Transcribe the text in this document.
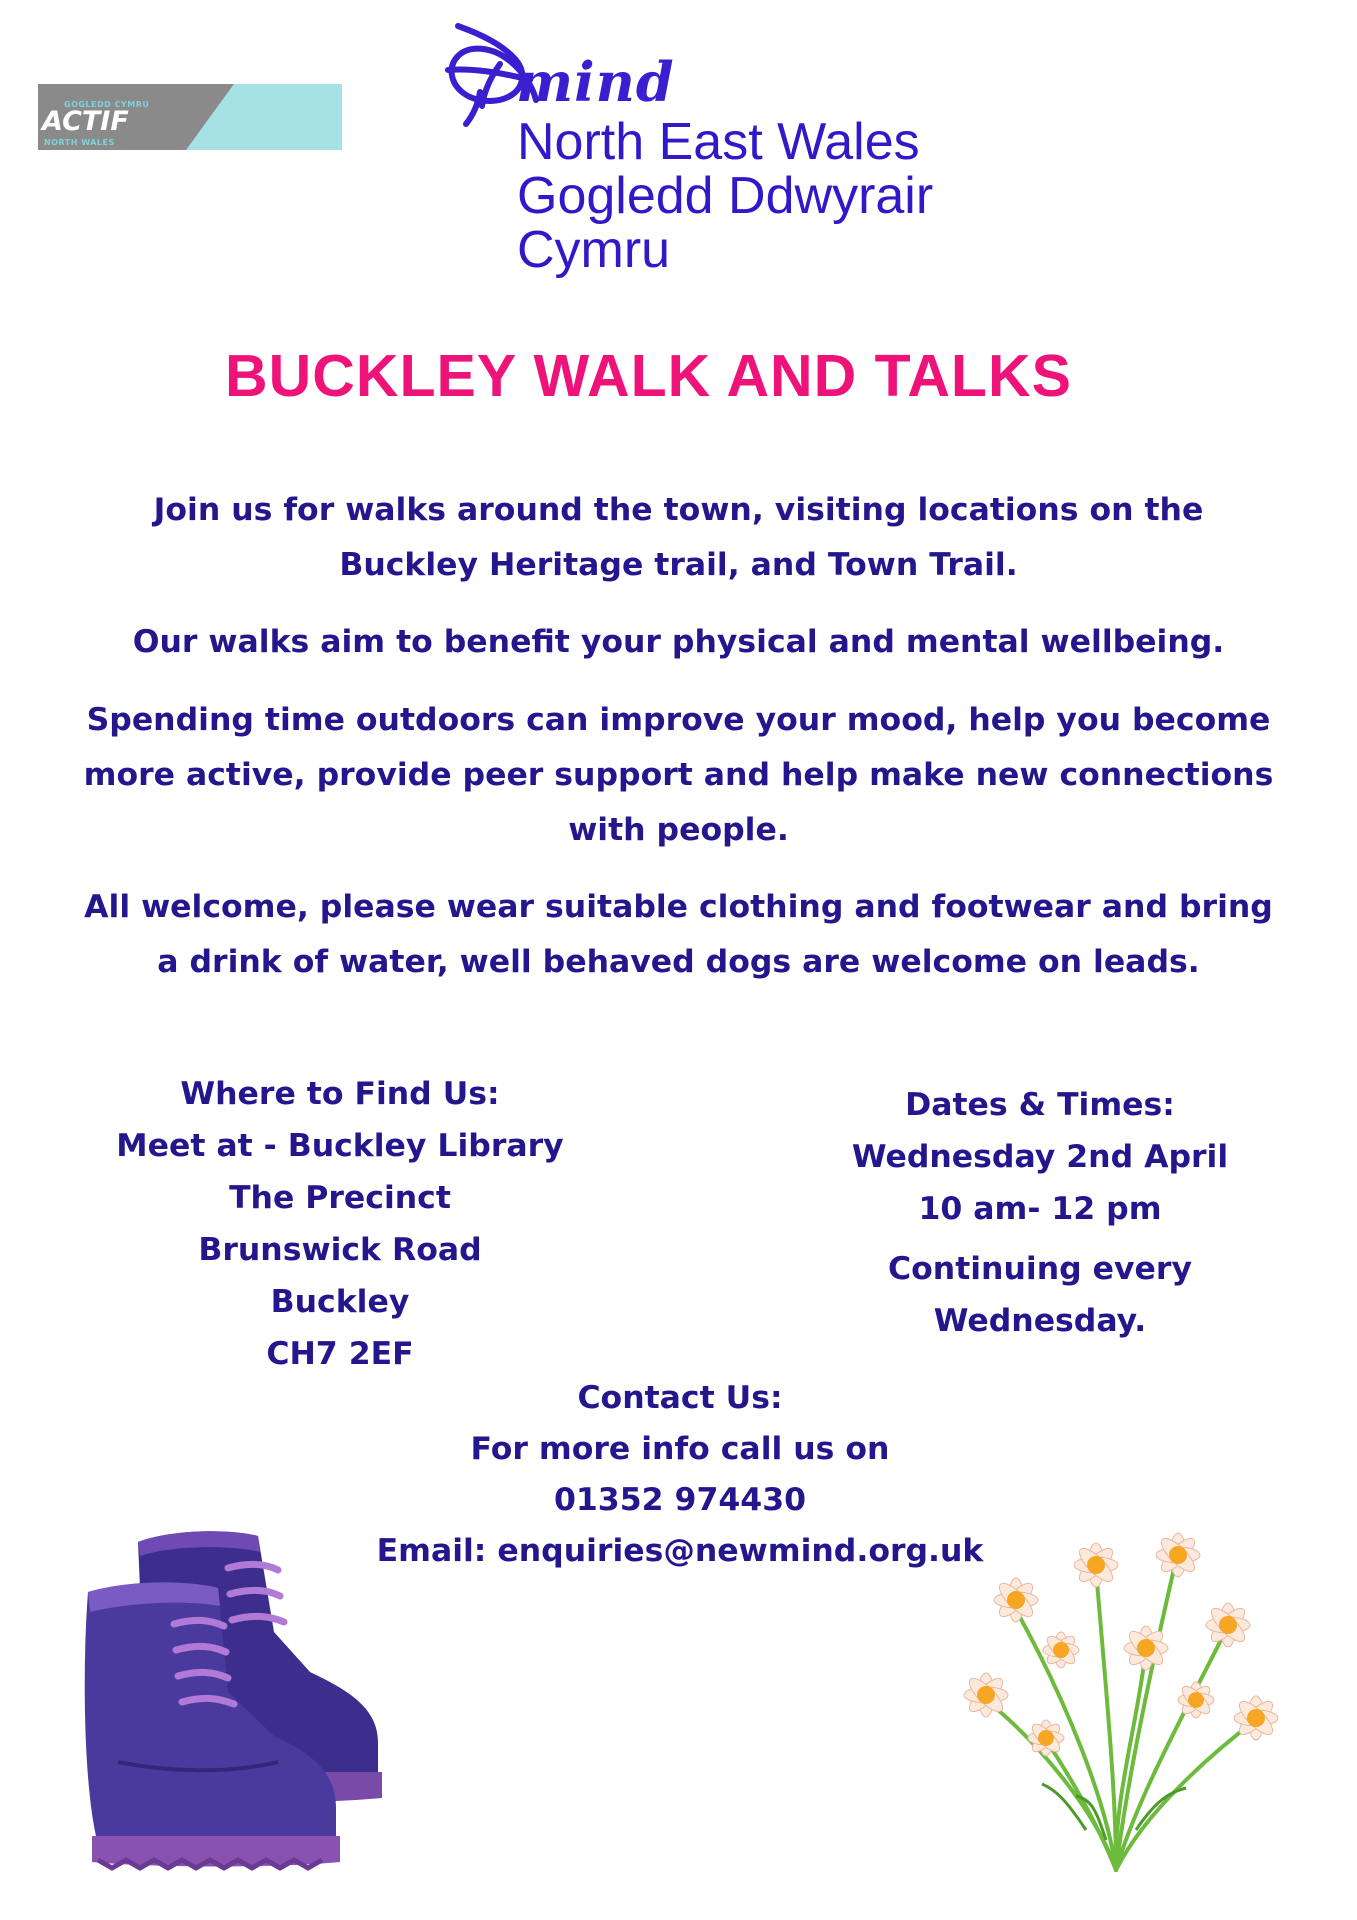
GOGLEDD CYMRU
ACTIF
NORTH WALES
mind
North East Wales
Gogledd Ddwyrair
Cymru
BUCKLEY WALK AND TALKS

Join us for walks around the town, visiting locations on the
Buckley Heritage trail, and Town Trail.

Our walks aim to benefit your physical and mental wellbeing.

Spending time outdoors can improve your mood, help you become
more active, provide peer support and help make new connections
with people.

All welcome, please wear suitable clothing and footwear and bring
a drink of water, well behaved dogs are welcome on leads.

Where to Find Us:
Meet at - Buckley Library
The Precinct
Brunswick Road
Buckley
CH7 2EF
Dates & Times:
Wednesday 2nd April
10 am- 12 pm
Continuing every
Wednesday.
Contact Us:
For more info call us on
01352 974430
Email: enquiries@newmind.org.uk
